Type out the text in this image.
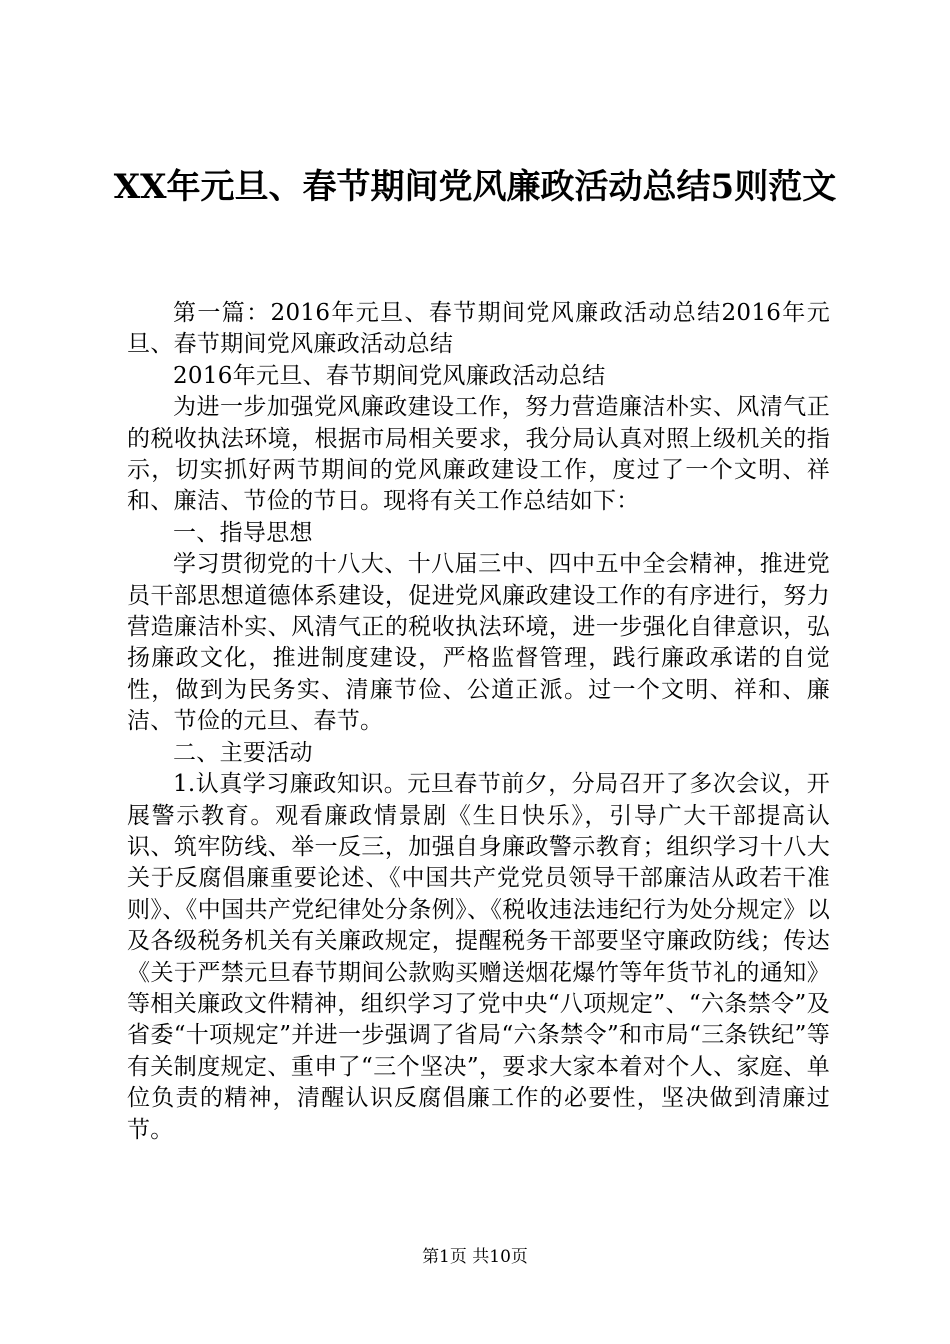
XX年元旦、春节期间党风廉政活动总结5则范文

第一篇：2016年元旦、春节期间党风廉政活动总结2016年元旦、春节期间党风廉政活动总结

2016年元旦、春节期间党风廉政活动总结

为进一步加强党风廉政建设工作，努力营造廉洁朴实、风清气正的税收执法环境，根据市局相关要求，我分局认真对照上级机关的指示，切实抓好两节期间的党风廉政建设工作，度过了一个文明、祥和、廉洁、节俭的节日。现将有关工作总结如下：

一、指导思想

学习贯彻党的十八大、十八届三中、四中五中全会精神，推进党员干部思想道德体系建设，促进党风廉政建设工作的有序进行，努力营造廉洁朴实、风清气正的税收执法环境，进一步强化自律意识，弘扬廉政文化，推进制度建设，严格监督管理，践行廉政承诺的自觉性，做到为民务实、清廉节俭、公道正派。过一个文明、祥和、廉洁、节俭的元旦、春节。

二、主要活动

1.认真学习廉政知识。元旦春节前夕，分局召开了多次会议，开展警示教育。观看廉政情景剧《生日快乐》，引导广大干部提高认识、筑牢防线、举一反三，加强自身廉政警示教育；组织学习十八大关于反腐倡廉重要论述、《中国共产党党员领导干部廉洁从政若干准则》、《中国共产党纪律处分条例》、《税收违法违纪行为处分规定》以及各级税务机关有关廉政规定，提醒税务干部要坚守廉政防线；传达《关于严禁元旦春节期间公款购买赠送烟花爆竹等年货节礼的通知》等相关廉政文件精神，组织学习了党中央“八项规定”、“六条禁令”及省委“十项规定”并进一步强调了省局“六条禁令”和市局“三条铁纪”等有关制度规定、重申了“三个坚决”，要求大家本着对个人、家庭、单位负责的精神，清醒认识反腐倡廉工作的必要性，坚决做到清廉过节。

第1页 共10页
